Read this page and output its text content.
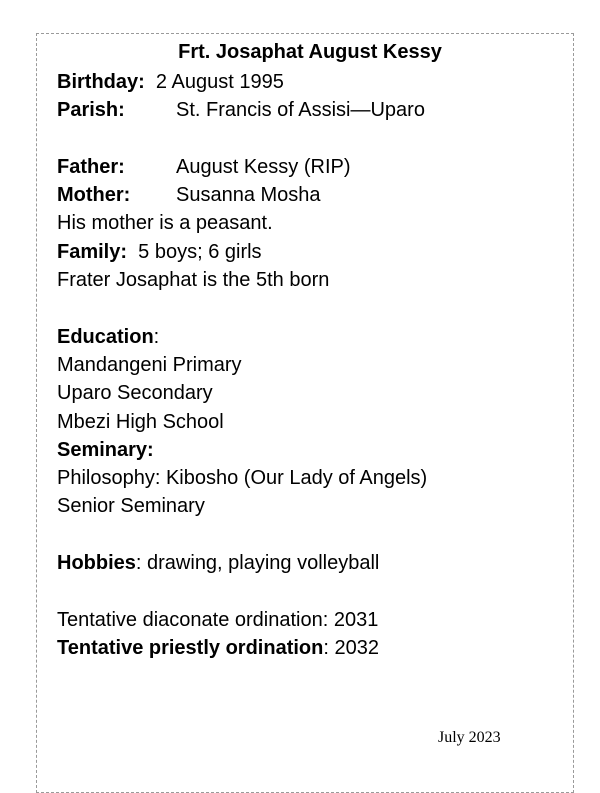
Frt. Josaphat August Kessy
Birthday: 2 August 1995
Parish:	St. Francis of Assisi—Uparo
Father:	August Kessy (RIP)
Mother: Susanna Mosha
His mother is a peasant.
Family: 5 boys; 6 girls
Frater Josaphat is the 5th born
Education:
Mandangeni Primary
Uparo Secondary
Mbezi High School
Seminary:
Philosophy: Kibosho (Our Lady of Angels)
Senior Seminary
Hobbies: drawing, playing volleyball
Tentative diaconate ordination: 2031
Tentative priestly ordination: 2032
July 2023
